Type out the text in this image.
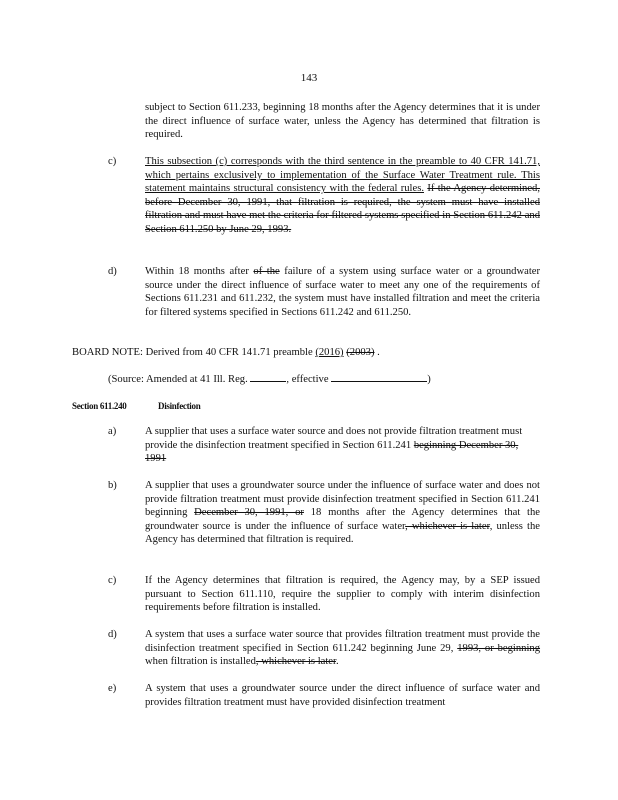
143
subject to Section 611.233, beginning 18 months after the Agency determines that it is under the direct influence of surface water, unless the Agency has determined that filtration is required.
c)	This subsection (c) corresponds with the third sentence in the preamble to 40 CFR 141.71, which pertains exclusively to implementation of the Surface Water Treatment rule. This statement maintains structural consistency with the federal rules. If the Agency determined, before December 30, 1991, that filtration is required, the system must have installed filtration and must have met the criteria for filtered systems specified in Section 611.242 and Section 611.250 by June 29, 1993.
d)	Within 18 months after of the failure of a system using surface water or a groundwater source under the direct influence of surface water to meet any one of the requirements of Sections 611.231 and 611.232, the system must have installed filtration and meet the criteria for filtered systems specified in Sections 611.242 and 611.250.
BOARD NOTE: Derived from 40 CFR 141.71 preamble (2016) (2003) .
(Source: Amended at 41 Ill. Reg.	, effective	)
Section 611.240	Disinfection
a)	A supplier that uses a surface water source and does not provide filtration treatment must provide the disinfection treatment specified in Section 611.241 beginning December 30, 1991
b)	A supplier that uses a groundwater source under the influence of surface water and does not provide filtration treatment must provide disinfection treatment specified in Section 611.241 beginning December 30, 1991, or 18 months after the Agency determines that the groundwater source is under the influence of surface water, whichever is later, unless the Agency has determined that filtration is required.
c)	If the Agency determines that filtration is required, the Agency may, by a SEP issued pursuant to Section 611.110, require the supplier to comply with interim disinfection requirements before filtration is installed.
d)	A system that uses a surface water source that provides filtration treatment must provide the disinfection treatment specified in Section 611.242 beginning June 29, 1993, or beginning when filtration is installed, whichever is later.
e)	A system that uses a groundwater source under the direct influence of surface water and provides filtration treatment must have provided disinfection treatment
